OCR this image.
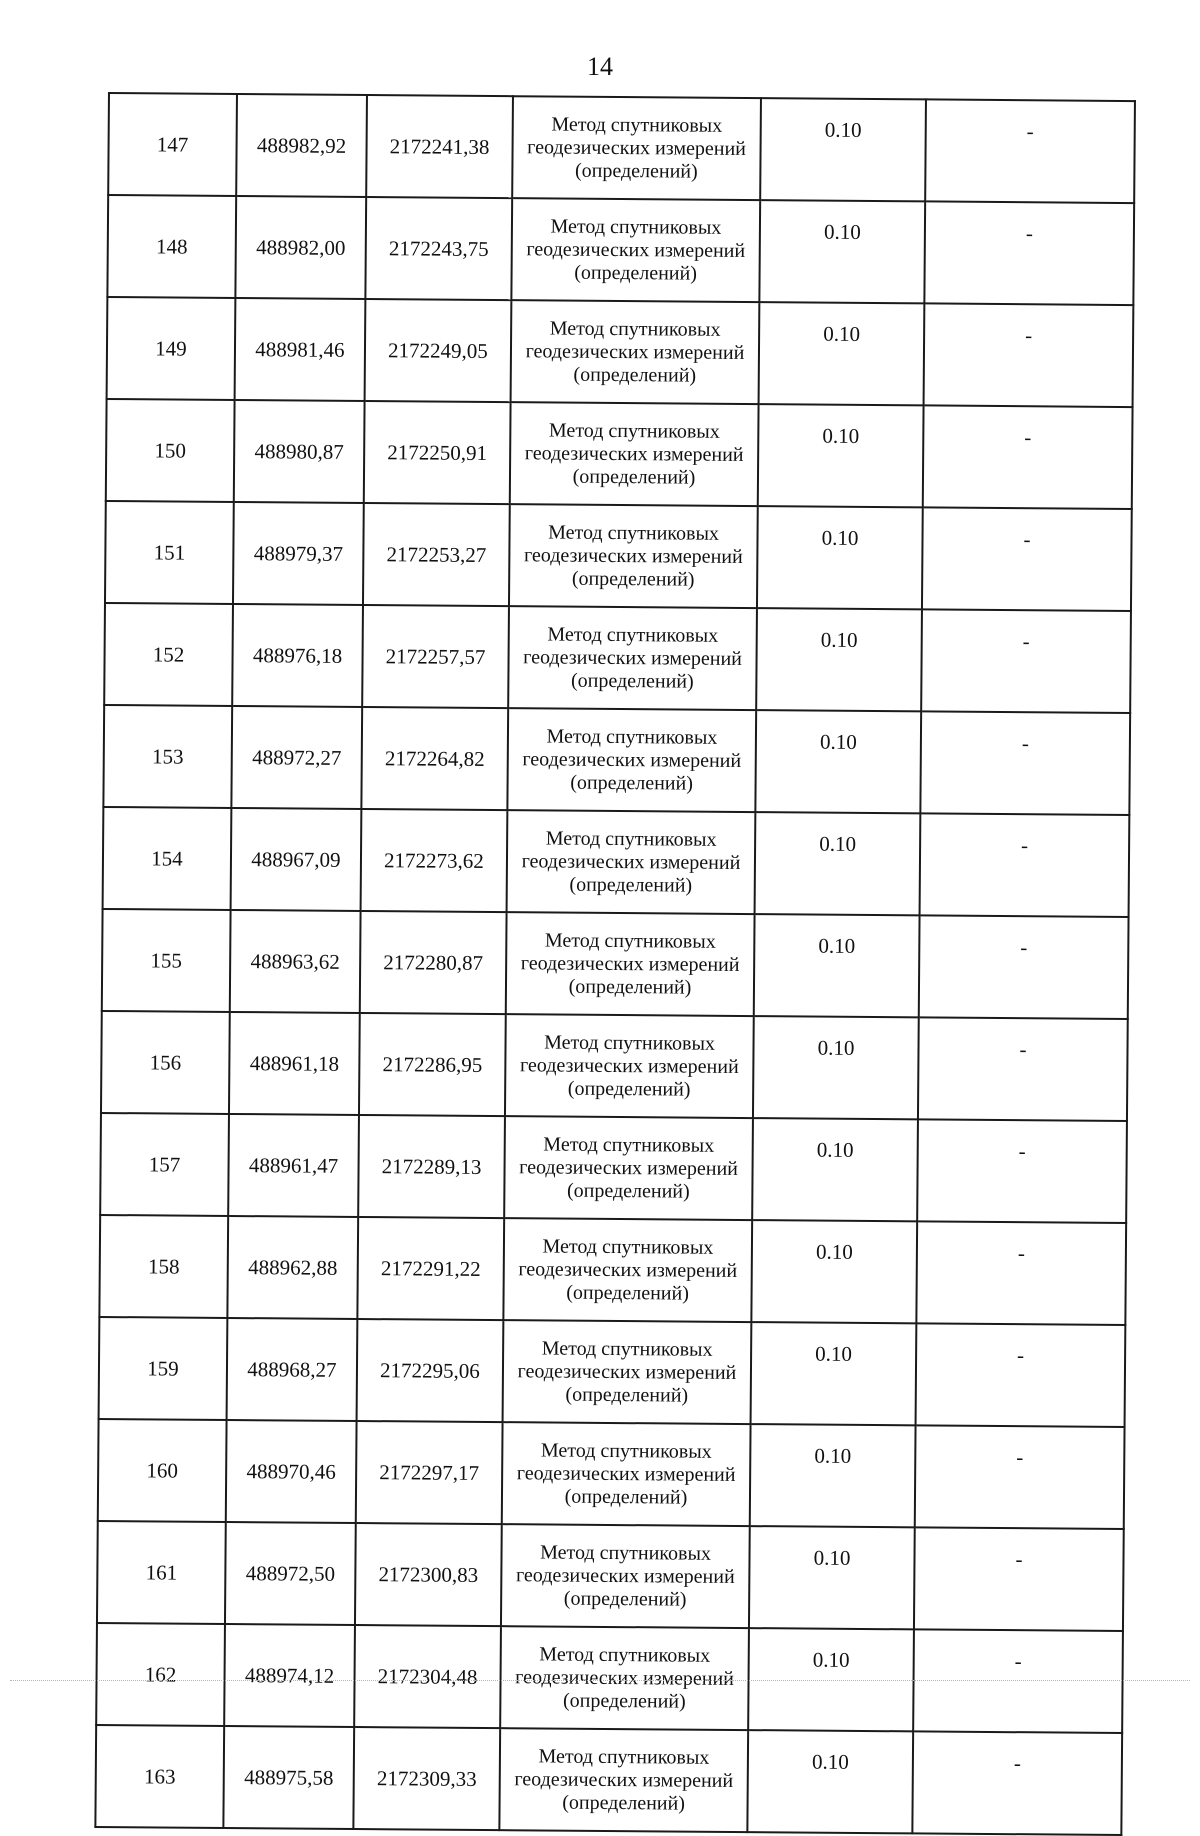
14
147	488982,92	2172241,38	Метод спутниковых
геодезических измерений
(определений)	0.10	-
148	488982,00	2172243,75	Метод спутниковых
геодезических измерений
(определений)	0.10	-
149	488981,46	2172249,05	Метод спутниковых
геодезических измерений
(определений)	0.10	-
150	488980,87	2172250,91	Метод спутниковых
геодезических измерений
(определений)	0.10	-
151	488979,37	2172253,27	Метод спутниковых
геодезических измерений
(определений)	0.10	-
152	488976,18	2172257,57	Метод спутниковых
геодезических измерений
(определений)	0.10	-
153	488972,27	2172264,82	Метод спутниковых
геодезических измерений
(определений)	0.10	-
154	488967,09	2172273,62	Метод спутниковых
геодезических измерений
(определений)	0.10	-
155	488963,62	2172280,87	Метод спутниковых
геодезических измерений
(определений)	0.10	-
156	488961,18	2172286,95	Метод спутниковых
геодезических измерений
(определений)	0.10	-
157	488961,47	2172289,13	Метод спутниковых
геодезических измерений
(определений)	0.10	-
158	488962,88	2172291,22	Метод спутниковых
геодезических измерений
(определений)	0.10	-
159	488968,27	2172295,06	Метод спутниковых
геодезических измерений
(определений)	0.10	-
160	488970,46	2172297,17	Метод спутниковых
геодезических измерений
(определений)	0.10	-
161	488972,50	2172300,83	Метод спутниковых
геодезических измерений
(определений)	0.10	-
162	488974,12	2172304,48	Метод спутниковых
геодезических измерений
(определений)	0.10	-
163	488975,58	2172309,33	Метод спутниковых
геодезических измерений
(определений)	0.10	-
